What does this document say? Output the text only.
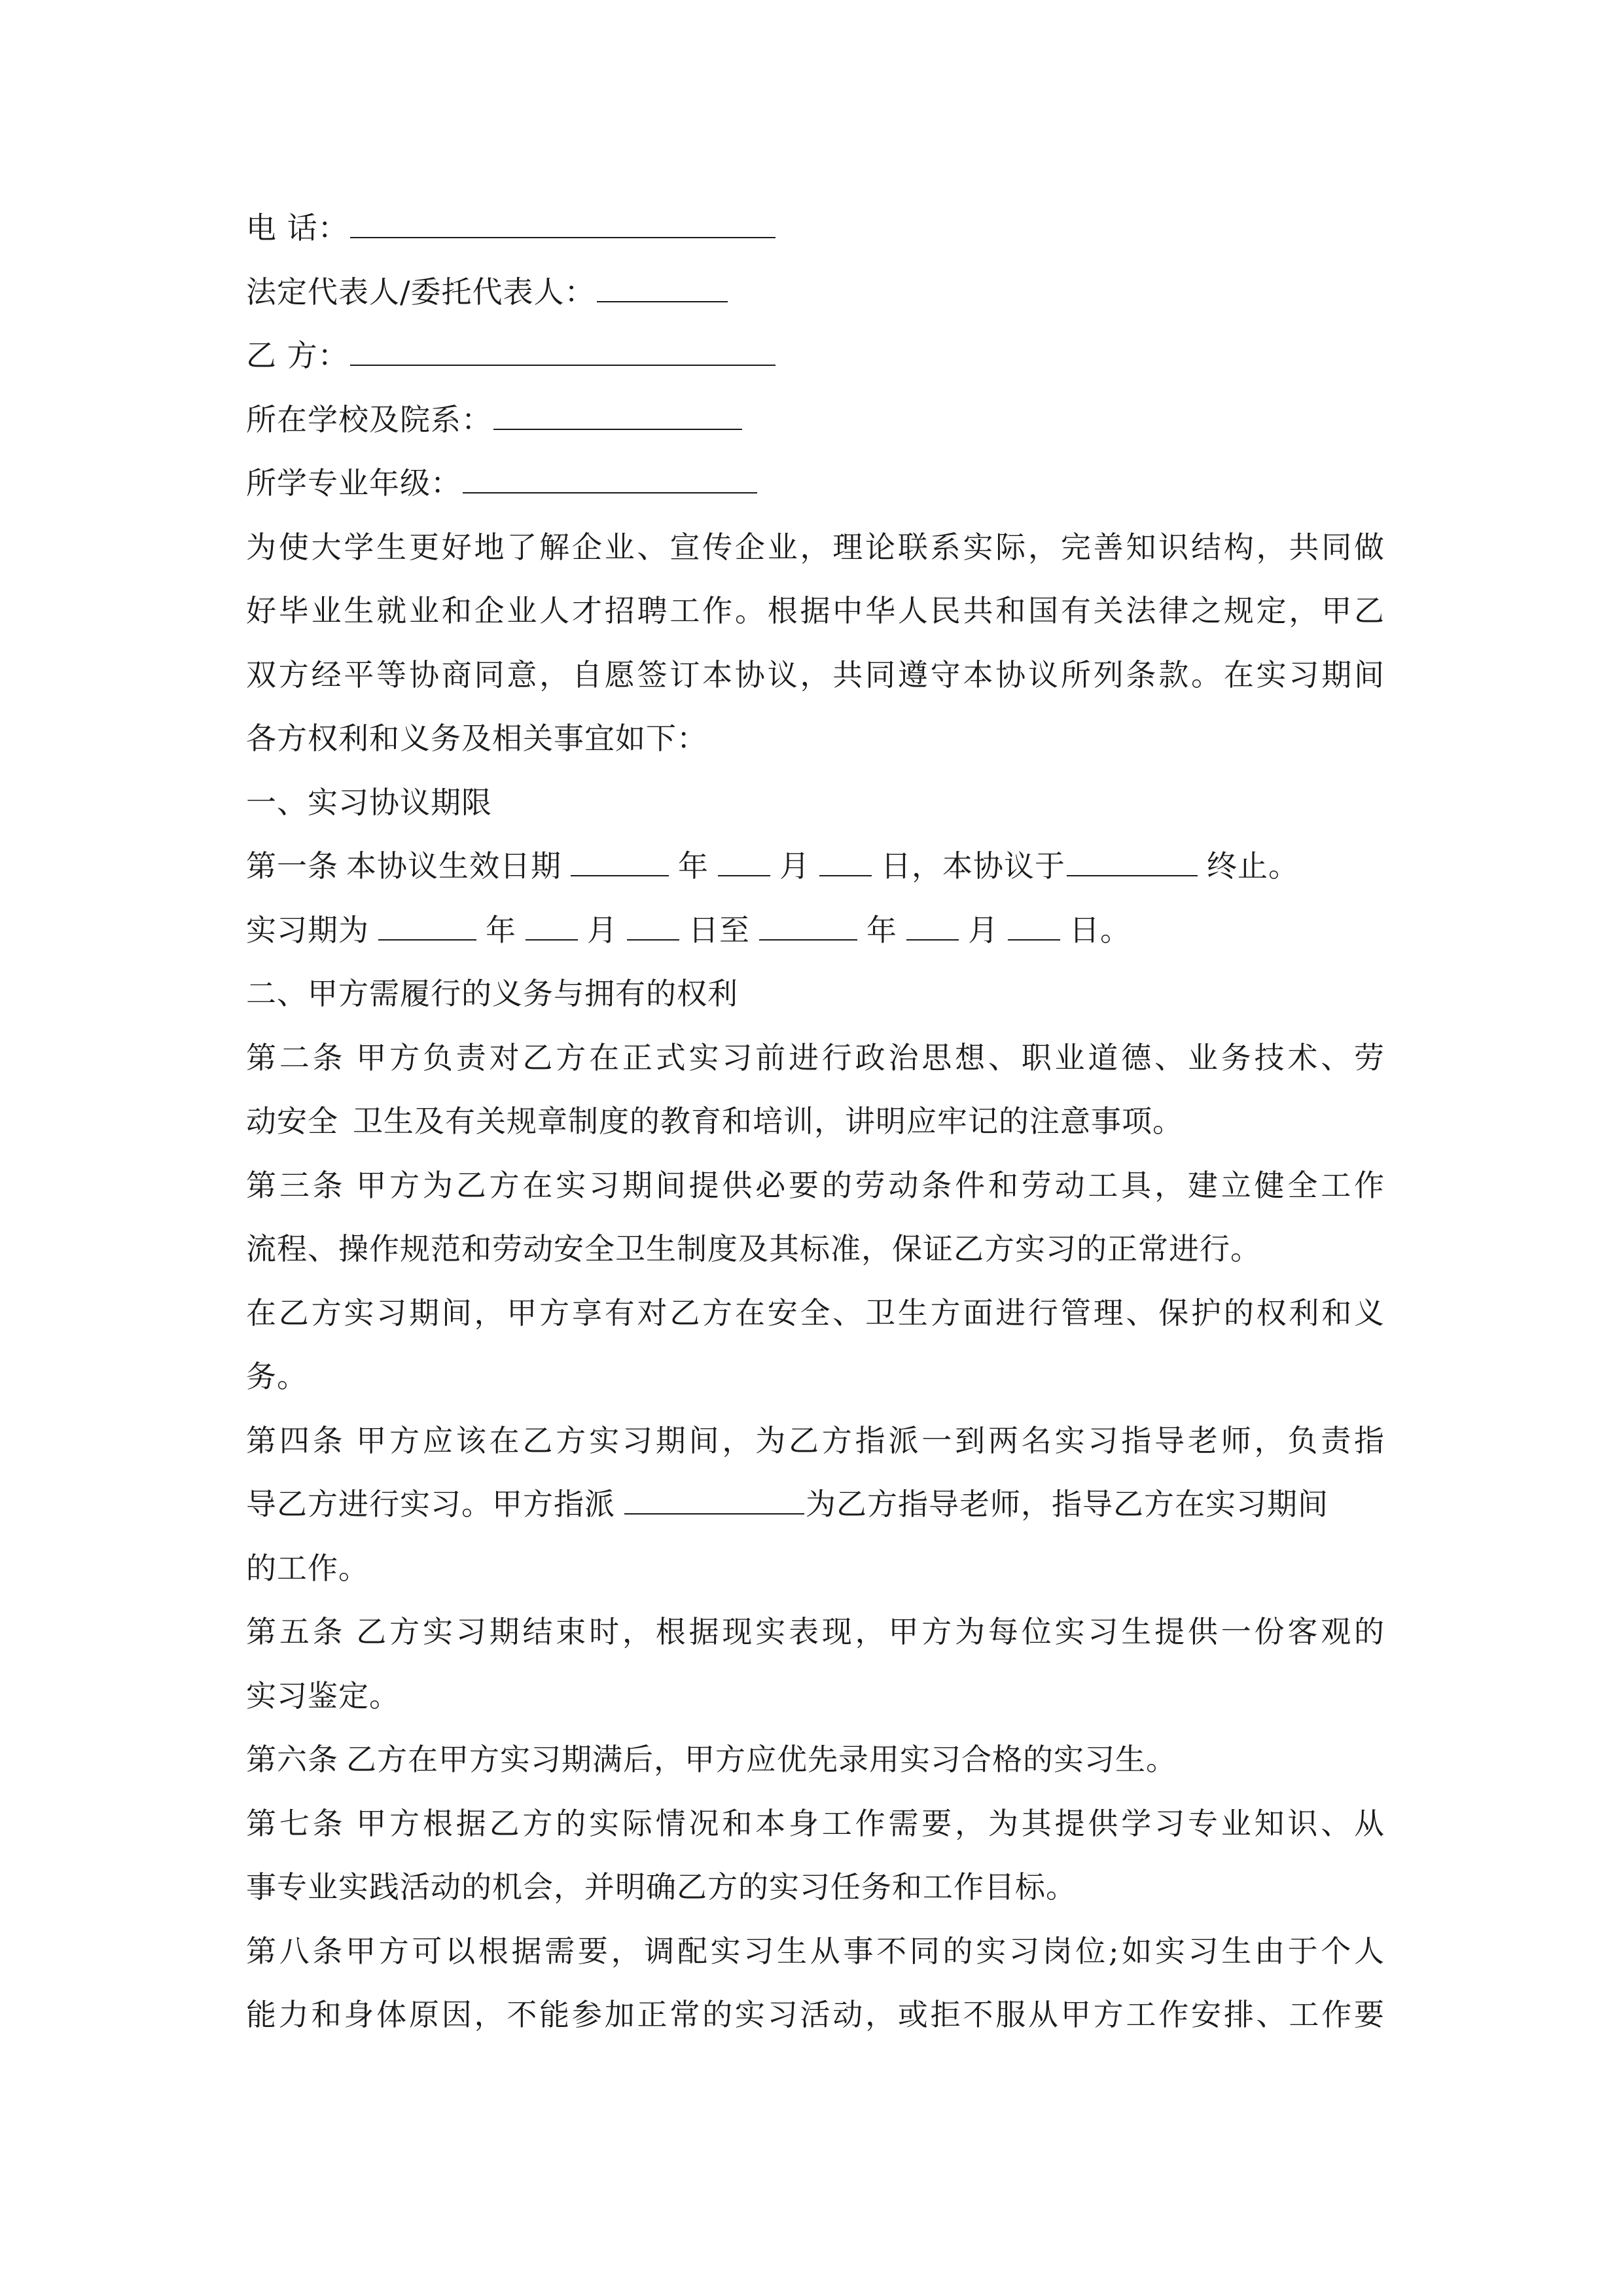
电 话：
法定代表人/委托代表人：
乙 方：
所在学校及院系：
所学专业年级：
为使大学生更好地了解企业、宣传企业，理论联系实际，完善知识结构，共同做
好毕业生就业和企业人才招聘工作。根据中华人民共和国有关法律之规定，甲乙
双方经平等协商同意，自愿签订本协议，共同遵守本协议所列条款。在实习期间
各方权利和义务及相关事宜如下：
一、实习协议期限
第一条 本协议生效日期	年 月 日，本协议于	终止。
实习期为	年 月 日至	年 月 日。
二、甲方需履行的义务与拥有的权利
第二条 甲方负责对乙方在正式实习前进行政治思想、职业道德、业务技术、劳
动安全 卫生及有关规章制度的教育和培训，讲明应牢记的注意事项。
第三条 甲方为乙方在实习期间提供必要的劳动条件和劳动工具，建立健全工作
流程、操作规范和劳动安全卫生制度及其标准，保证乙方实习的正常进行。
在乙方实习期间，甲方享有对乙方在安全、卫生方面进行管理、保护的权利和义
务。
第四条 甲方应该在乙方实习期间，为乙方指派一到两名实习指导老师，负责指
导乙方进行实习。甲方指派	为乙方指导老师，指导乙方在实习期间
的工作。
第五条 乙方实习期结束时，根据现实表现，甲方为每位实习生提供一份客观的
实习鉴定。
第六条 乙方在甲方实习期满后，甲方应优先录用实习合格的实习生。
第七条 甲方根据乙方的实际情况和本身工作需要，为其提供学习专业知识、从
事专业实践活动的机会，并明确乙方的实习任务和工作目标。
第八条甲方可以根据需要，调配实习生从事不同的实习岗位;如实习生由于个人
能力和身体原因，不能参加正常的实习活动，或拒不服从甲方工作安排、工作要
